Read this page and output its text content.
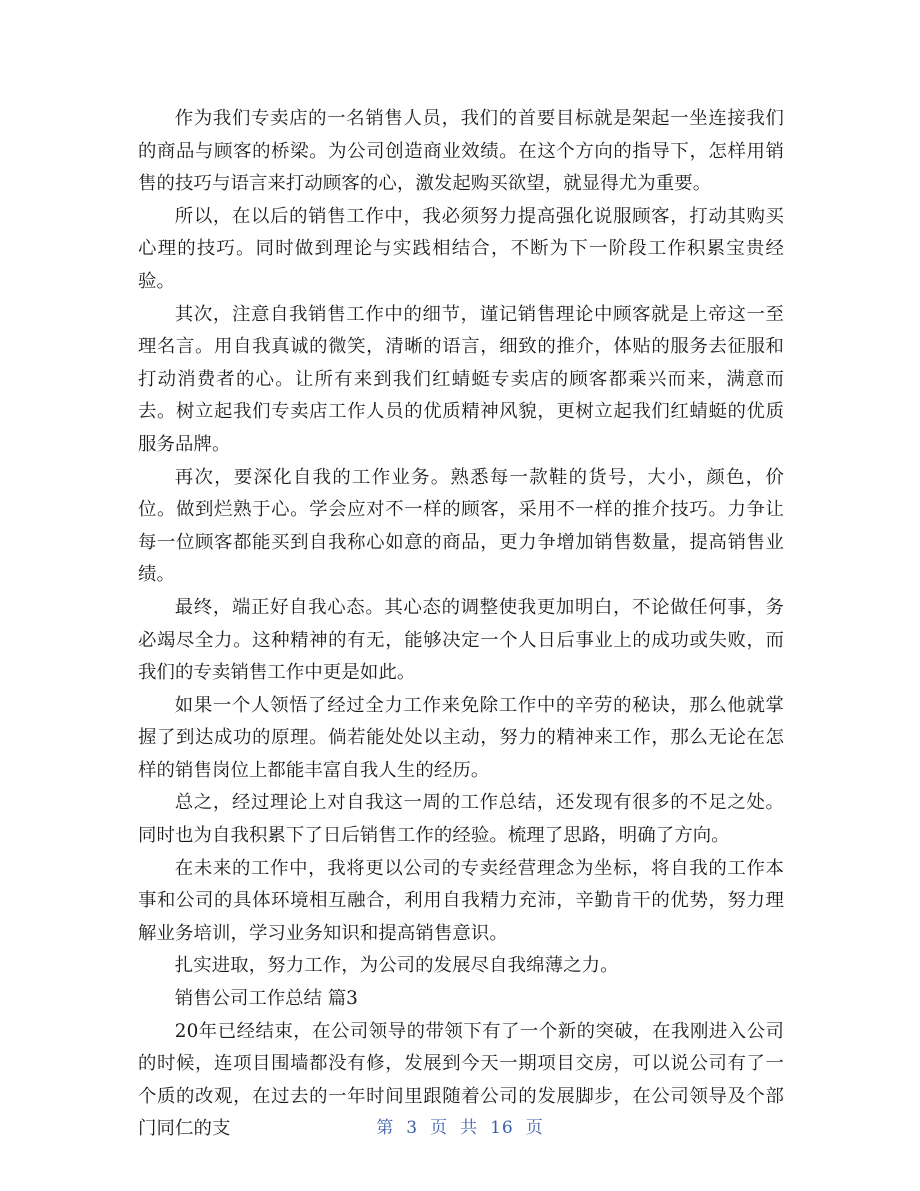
作为我们专卖店的一名销售人员，我们的首要目标就是架起一坐连接我们的商品与顾客的桥梁。为公司创造商业效绩。在这个方向的指导下，怎样用销售的技巧与语言来打动顾客的心，激发起购买欲望，就显得尤为重要。

所以，在以后的销售工作中，我必须努力提高强化说服顾客，打动其购买心理的技巧。同时做到理论与实践相结合，不断为下一阶段工作积累宝贵经验。

其次，注意自我销售工作中的细节，谨记销售理论中顾客就是上帝这一至理名言。用自我真诚的微笑，清晰的语言，细致的推介，体贴的服务去征服和打动消费者的心。让所有来到我们红蜻蜓专卖店的顾客都乘兴而来，满意而去。树立起我们专卖店工作人员的优质精神风貌，更树立起我们红蜻蜓的优质服务品牌。

再次，要深化自我的工作业务。熟悉每一款鞋的货号，大小，颜色，价位。做到烂熟于心。学会应对不一样的顾客，采用不一样的推介技巧。力争让每一位顾客都能买到自我称心如意的商品，更力争增加销售数量，提高销售业绩。

最终，端正好自我心态。其心态的调整使我更加明白，不论做任何事，务必竭尽全力。这种精神的有无，能够决定一个人日后事业上的成功或失败，而我们的专卖销售工作中更是如此。

如果一个人领悟了经过全力工作来免除工作中的辛劳的秘诀，那么他就掌握了到达成功的原理。倘若能处处以主动，努力的精神来工作，那么无论在怎样的销售岗位上都能丰富自我人生的经历。

总之，经过理论上对自我这一周的工作总结，还发现有很多的不足之处。同时也为自我积累下了日后销售工作的经验。梳理了思路，明确了方向。

在未来的工作中，我将更以公司的专卖经营理念为坐标，将自我的工作本事和公司的具体环境相互融合，利用自我精力充沛，辛勤肯干的优势，努力理解业务培训，学习业务知识和提高销售意识。

扎实进取，努力工作，为公司的发展尽自我绵薄之力。

销售公司工作总结 篇3

20年已经结束，在公司领导的带领下有了一个新的突破，在我刚进入公司的时候，连项目围墙都没有修，发展到今天一期项目交房，可以说公司有了一个质的改观，在过去的一年时间里跟随着公司的发展脚步，在公司领导及个部门同仁的支	第 3 页 共 16 页
